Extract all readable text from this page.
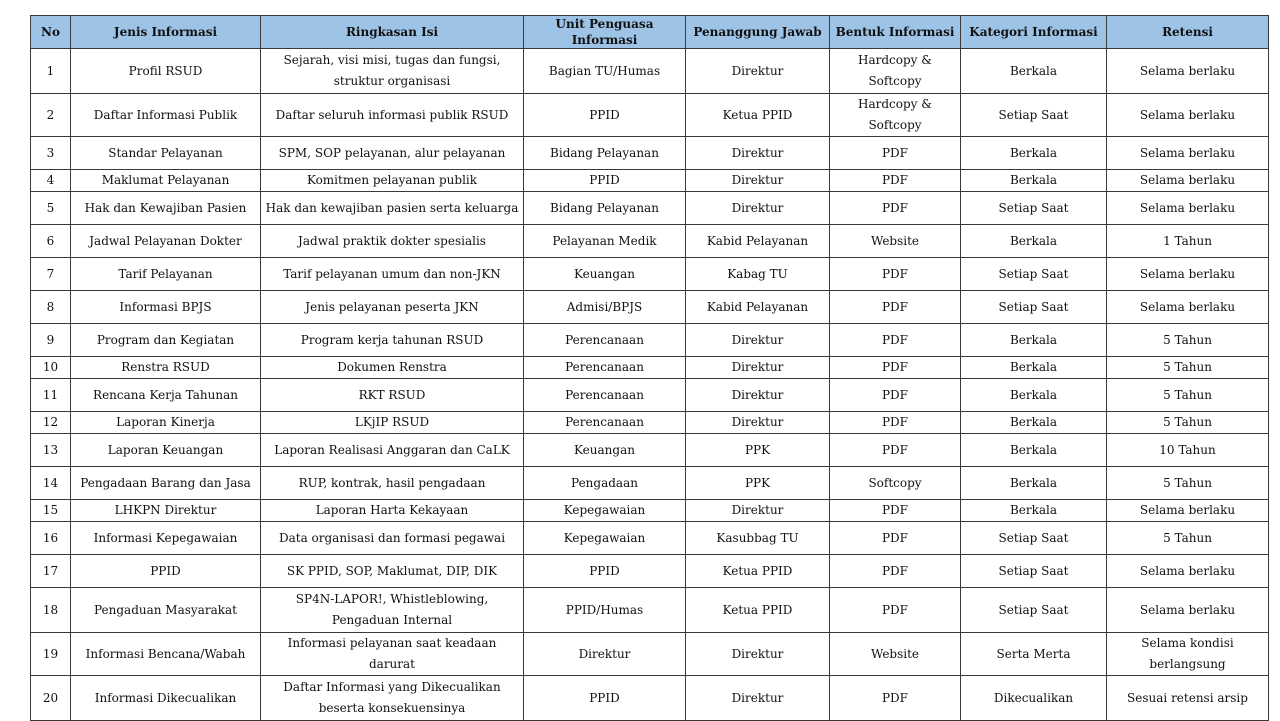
No	Jenis Informasi	Ringkasan Isi	Unit Penguasa Informasi	Penanggung Jawab	Bentuk Informasi	Kategori Informasi	Retensi
1	Profil RSUD	Sejarah, visi misi, tugas dan fungsi, struktur organisasi	Bagian TU/Humas	Direktur	Hardcopy & Softcopy	Berkala	Selama berlaku
2	Daftar Informasi Publik	Daftar seluruh informasi publik RSUD	PPID	Ketua PPID	Hardcopy & Softcopy	Setiap Saat	Selama berlaku
3	Standar Pelayanan	SPM, SOP pelayanan, alur pelayanan	Bidang Pelayanan	Direktur	PDF	Berkala	Selama berlaku
4	Maklumat Pelayanan	Komitmen pelayanan publik	PPID	Direktur	PDF	Berkala	Selama berlaku
5	Hak dan Kewajiban Pasien	Hak dan kewajiban pasien serta keluarga	Bidang Pelayanan	Direktur	PDF	Setiap Saat	Selama berlaku
6	Jadwal Pelayanan Dokter	Jadwal praktik dokter spesialis	Pelayanan Medik	Kabid Pelayanan	Website	Berkala	1 Tahun
7	Tarif Pelayanan	Tarif pelayanan umum dan non-JKN	Keuangan	Kabag TU	PDF	Setiap Saat	Selama berlaku
8	Informasi BPJS	Jenis pelayanan peserta JKN	Admisi/BPJS	Kabid Pelayanan	PDF	Setiap Saat	Selama berlaku
9	Program dan Kegiatan	Program kerja tahunan RSUD	Perencanaan	Direktur	PDF	Berkala	5 Tahun
10	Renstra RSUD	Dokumen Renstra	Perencanaan	Direktur	PDF	Berkala	5 Tahun
11	Rencana Kerja Tahunan	RKT RSUD	Perencanaan	Direktur	PDF	Berkala	5 Tahun
12	Laporan Kinerja	LKjIP RSUD	Perencanaan	Direktur	PDF	Berkala	5 Tahun
13	Laporan Keuangan	Laporan Realisasi Anggaran dan CaLK	Keuangan	PPK	PDF	Berkala	10 Tahun
14	Pengadaan Barang dan Jasa	RUP, kontrak, hasil pengadaan	Pengadaan	PPK	Softcopy	Berkala	5 Tahun
15	LHKPN Direktur	Laporan Harta Kekayaan	Kepegawaian	Direktur	PDF	Berkala	Selama berlaku
16	Informasi Kepegawaian	Data organisasi dan formasi pegawai	Kepegawaian	Kasubbag TU	PDF	Setiap Saat	5 Tahun
17	PPID	SK PPID, SOP, Maklumat, DIP, DIK	PPID	Ketua PPID	PDF	Setiap Saat	Selama berlaku
18	Pengaduan Masyarakat	SP4N-LAPOR!, Whistleblowing, Pengaduan Internal	PPID/Humas	Ketua PPID	PDF	Setiap Saat	Selama berlaku
19	Informasi Bencana/Wabah	Informasi pelayanan saat keadaan darurat	Direktur	Direktur	Website	Serta Merta	Selama kondisi berlangsung
20	Informasi Dikecualikan	Daftar Informasi yang Dikecualikan beserta konsekuensinya	PPID	Direktur	PDF	Dikecualikan	Sesuai retensi arsip
